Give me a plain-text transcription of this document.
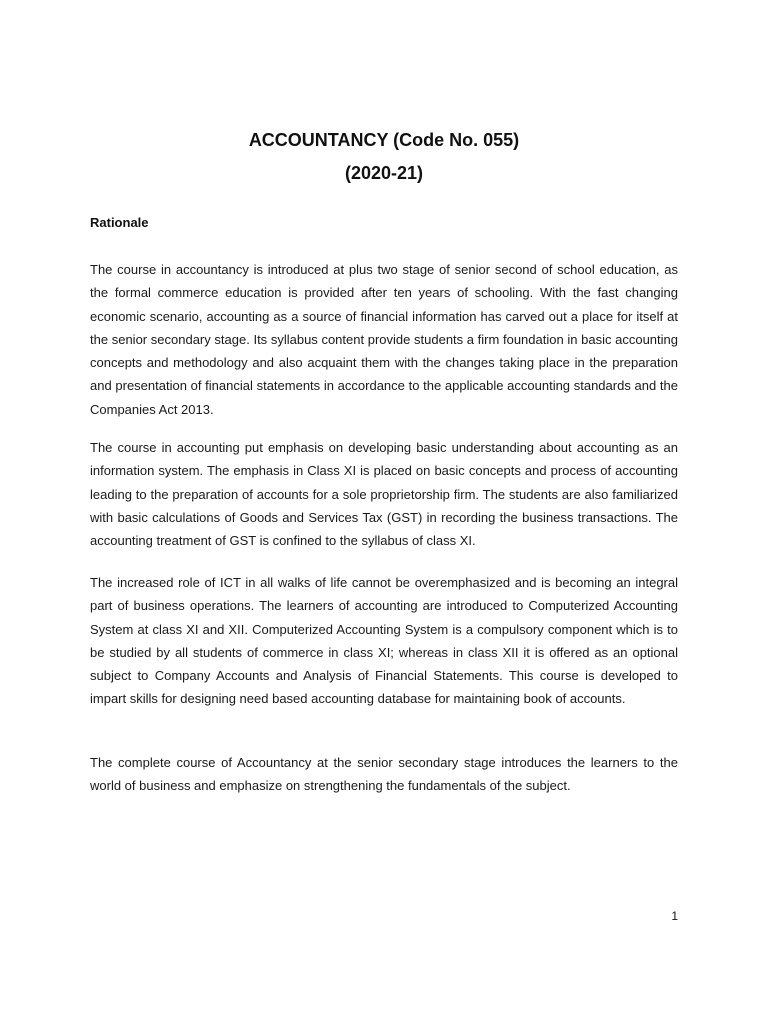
ACCOUNTANCY (Code No. 055)
(2020-21)
Rationale

The course in accountancy is introduced at plus two stage of senior second of school education, as the formal commerce education is provided after ten years of schooling. With the fast changing economic scenario, accounting as a source of financial information has carved out a place for itself at the senior secondary stage. Its syllabus content provide students a firm foundation in basic accounting concepts and methodology and also acquaint them with the changes taking place in the preparation and presentation of financial statements in accordance to the applicable accounting standards and the Companies Act 2013.

The course in accounting put emphasis on developing basic understanding about accounting as an information system. The emphasis in Class XI is placed on basic concepts and process of accounting leading to the preparation of accounts for a sole proprietorship firm. The students are also familiarized with basic calculations of Goods and Services Tax (GST) in recording the business transactions. The accounting treatment of GST is confined to the syllabus of class XI.

The increased role of ICT in all walks of life cannot be overemphasized and is becoming an integral part of business operations. The learners of accounting are introduced to Computerized Accounting System at class XI and XII. Computerized Accounting System is a compulsory component which is to be studied by all students of commerce in class XI; whereas in class XII it is offered as an optional subject to Company Accounts and Analysis of Financial Statements. This course is developed to impart skills for designing need based accounting database for maintaining book of accounts.

The complete course of Accountancy at the senior secondary stage introduces the learners to the world of business and emphasize on strengthening the fundamentals of the subject.

1
